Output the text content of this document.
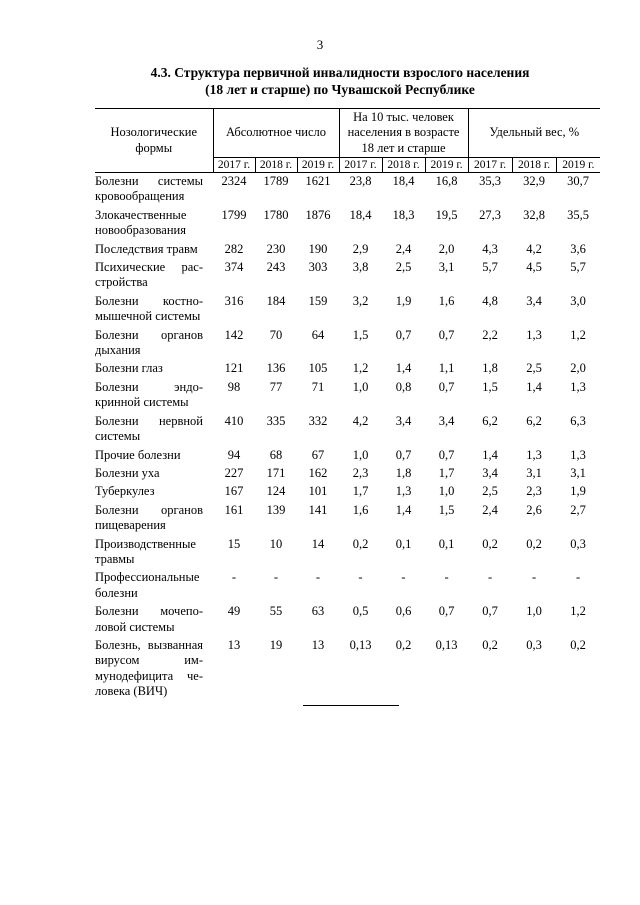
3
4.3. Структура первичной инвалидности взрослого населения
(18 лет и старше) по Чувашской Республике
Нозологические формы	Абсолютное число			На 10 тыс. человек населения в возрасте 18 лет и старше			Удельный вес, %		
	2017 г.	2018 г.	2019 г.	2017 г.	2018 г.	2019 г.	2017 г.	2018 г.	2019 г.
Болезни системы кровообращения	2324	1789	1621	23,8	18,4	16,8	35,3	32,9	30,7
Злокачественные новообразования	1799	1780	1876	18,4	18,3	19,5	27,3	32,8	35,5
Последствия травм	282	230	190	2,9	2,4	2,0	4,3	4,2	3,6
Психические расстройства	374	243	303	3,8	2,5	3,1	5,7	4,5	5,7
Болезни костно-мышечной системы	316	184	159	3,2	1,9	1,6	4,8	3,4	3,0
Болезни органов дыхания	142	70	64	1,5	0,7	0,7	2,2	1,3	1,2
Болезни глаз	121	136	105	1,2	1,4	1,1	1,8	2,5	2,0
Болезни эндокринной системы	98	77	71	1,0	0,8	0,7	1,5	1,4	1,3
Болезни нервной системы	410	335	332	4,2	3,4	3,4	6,2	6,2	6,3
Прочие болезни	94	68	67	1,0	0,7	0,7	1,4	1,3	1,3
Болезни уха	227	171	162	2,3	1,8	1,7	3,4	3,1	3,1
Туберкулез	167	124	101	1,7	1,3	1,0	2,5	2,3	1,9
Болезни органов пищеварения	161	139	141	1,6	1,4	1,5	2,4	2,6	2,7
Производственные травмы	15	10	14	0,2	0,1	0,1	0,2	0,2	0,3
Профессиональные болезни	-	-	-	-	-	-	-	-	-
Болезни мочеполовой системы	49	55	63	0,5	0,6	0,7	0,7	1,0	1,2
Болезнь, вызванная вирусом иммунодефицита человека (ВИЧ)	13	19	13	0,13	0,2	0,13	0,2	0,3	0,2
